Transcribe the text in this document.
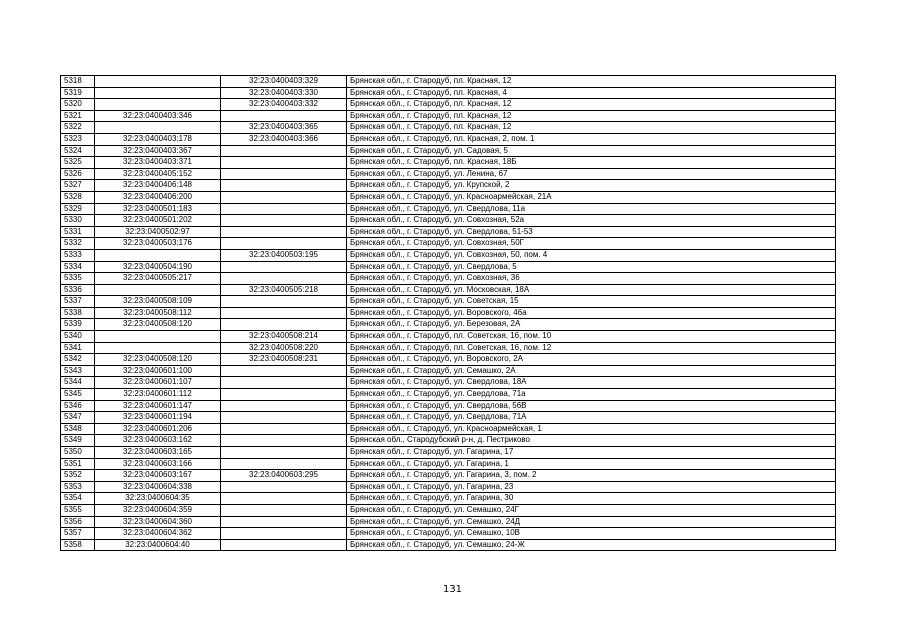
5318		32:23:0400403:329	Брянская обл., г. Стародуб, пл. Красная, 12
5319		32:23:0400403:330	Брянская обл., г. Стародуб, пл. Красная, 4
5320		32:23:0400403:332	Брянская обл., г. Стародуб, пл. Красная, 12
5321	32:23:0400403:346		Брянская обл., г. Стародуб, пл. Красная, 12
5322		32:23:0400403:365	Брянская обл., г. Стародуб, пл. Красная, 12
5323	32:23:0400403:178	32:23:0400403:366	Брянская обл., г. Стародуб, пл. Красная, 2, пом. 1
5324	32:23:0400403:367		Брянская обл., г. Стародуб, ул. Садовая, 5
5325	32:23:0400403:371		Брянская обл., г. Стародуб, пл. Красная, 18Б
5326	32:23:0400405:152		Брянская обл., г. Стародуб, ул. Ленина, 67
5327	32:23:0400406:148		Брянская обл., г. Стародуб, ул. Крупской, 2
5328	32:23:0400406:200		Брянская обл., г. Стародуб, ул. Красноармейская, 21А
5329	32:23:0400501:183		Брянская обл., г. Стародуб, ул. Свердлова, 11а
5330	32:23:0400501:202		Брянская обл., г. Стародуб, ул. Совхозная, 52а
5331	32:23:0400502:97		Брянская обл., г. Стародуб, ул. Свердлова, 51-53
5332	32:23:0400503:176		Брянская обл., г. Стародуб, ул. Совхозная, 50Г
5333		32:23:0400503:195	Брянская обл., г. Стародуб, ул. Совхозная, 50, пом. 4
5334	32:23:0400504:190		Брянская обл., г. Стародуб, ул. Свердлова, 5
5335	32:23:0400505:217		Брянская обл., г. Стародуб, ул. Совхозная, 36
5336		32:23:0400505:218	Брянская обл., г. Стародуб, ул. Московская, 18А
5337	32:23:0400508:109		Брянская обл., г. Стародуб, ул. Советская, 15
5338	32:23:0400508:112		Брянская обл., г. Стародуб, ул. Воровского, 46а
5339	32:23:0400508:120		Брянская обл., г. Стародуб, ул. Березовая, 2А
5340		32:23:0400508:214	Брянская обл., г. Стародуб, пл. Советская, 16, пом. 10
5341		32:23:0400508:220	Брянская обл., г. Стародуб, пл. Советская, 16, пом. 12
5342	32:23:0400508:120	32:23:0400508:231	Брянская обл., г. Стародуб, ул. Воровского, 2А
5343	32:23:0400601:100		Брянская обл., г. Стародуб, ул. Семашко, 2А
5344	32:23:0400601:107		Брянская обл., г. Стародуб, ул. Свердлова, 18А
5345	32:23:0400601:112		Брянская обл., г. Стародуб, ул. Свердлова, 71а
5346	32:23:0400601:147		Брянская обл., г. Стародуб, ул. Свердлова, 56В
5347	32:23:0400601:194		Брянская обл., г. Стародуб, ул. Свердлова, 71А
5348	32:23:0400601:206		Брянская обл., г. Стародуб, ул. Красноармейская, 1
5349	32:23:0400603:162		Брянская обл., Стародубский р-н, д. Пестриково
5350	32:23:0400603:165		Брянская обл., г. Стародуб, ул. Гагарина, 17
5351	32:23:0400603:166		Брянская обл., г. Стародуб, ул. Гагарина, 1
5352	32:23:0400603:167	32:23:0400603:295	Брянская обл., г. Стародуб, ул. Гагарина, 3, пом. 2
5353	32:23:0400604:338		Брянская обл., г. Стародуб, ул. Гагарина, 23
5354	32:23:0400604:35		Брянская обл., г. Стародуб, ул. Гагарина, 30
5355	32:23:0400604:359		Брянская обл., г. Стародуб, ул. Семашко, 24Г
5356	32:23:0400604:360		Брянская обл., г. Стародуб, ул. Семашко, 24Д
5357	32:23:0400604:362		Брянская обл., г. Стародуб, ул. Семашко, 10В
5358	32:23:0400604:40		Брянская обл., г. Стародуб, ул. Семашко, 24-Ж
131
